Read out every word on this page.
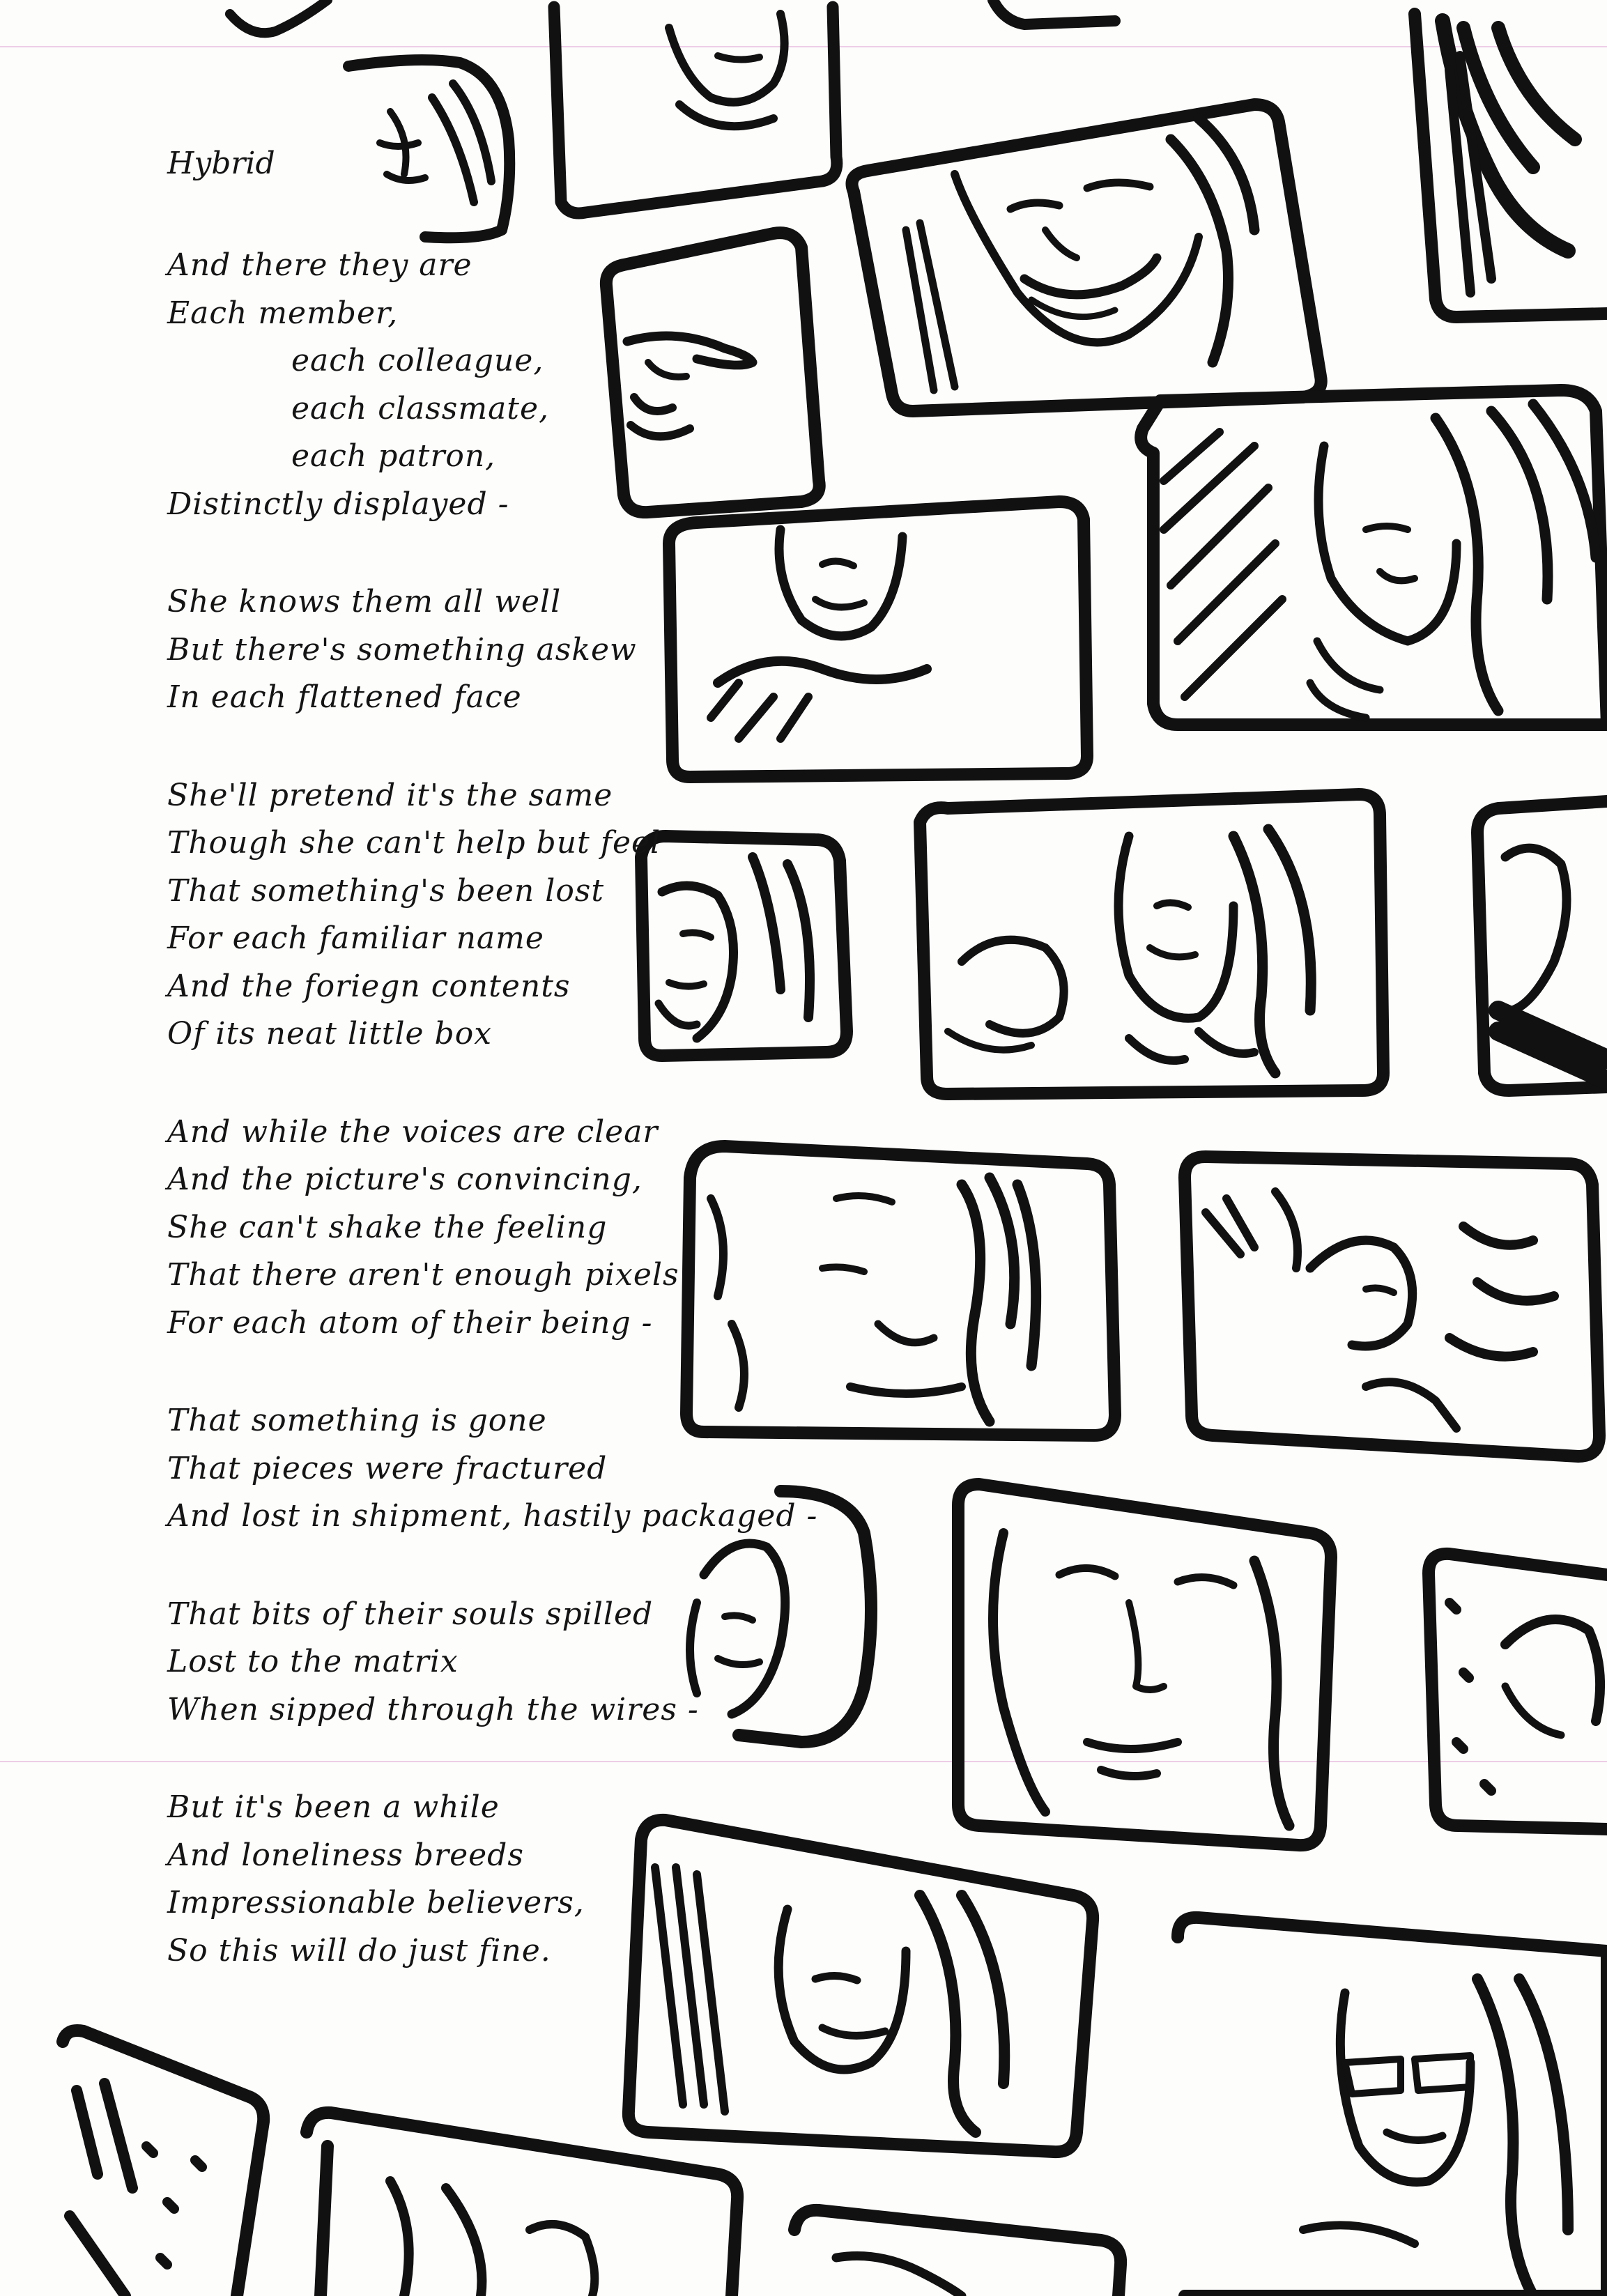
Hybrid
And there they are
Each member,
each colleague,
each classmate,
each patron,
Distinctly displayed -
She knows them all well
But there's something askew
In each flattened face
She'll pretend it's the same
Though she can't help but feel
That something's been lost
For each familiar name
And the foriegn contents
Of its neat little box
And while the voices are clear
And the picture's convincing,
She can't shake the feeling
That there aren't enough pixels
For each atom of their being -
That something is gone
That pieces were fractured
And lost in shipment, hastily packaged -
That bits of their souls spilled
Lost to the matrix
When sipped through the wires -
But it's been a while
And loneliness breeds
Impressionable believers,
So this will do just fine.
